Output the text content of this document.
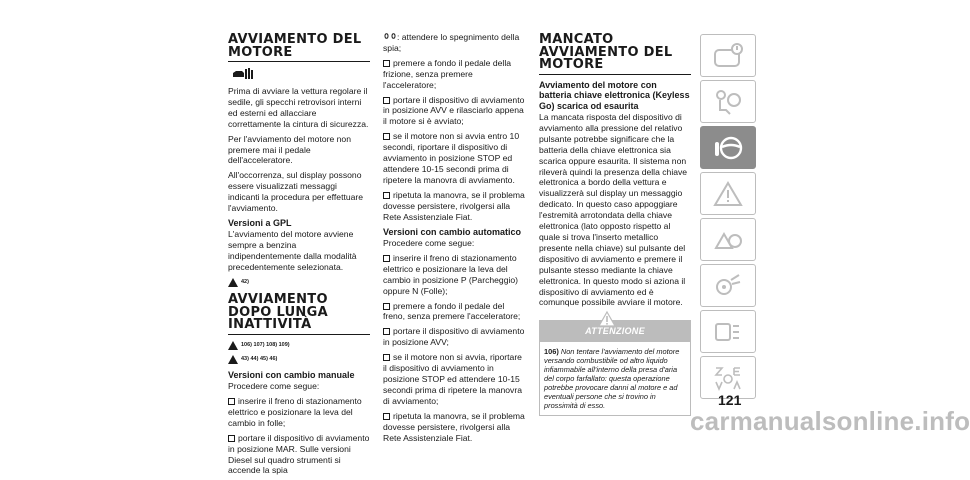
AVVIAMENTO DEL MOTORE

Prima di avviare la vettura regolare il sedile, gli specchi retrovisori interni ed esterni ed allacciare correttamente la cintura di sicurezza.

Per l'avviamento del motore non premere mai il pedale dell'acceleratore.

All'occorrenza, sul display possono essere visualizzati messaggi indicanti la procedura per effettuare l'avviamento.

Versioni a GPL

L'avviamento del motore avviene sempre a benzina indipendentemente dalla modalità precedentemente selezionata.

42)
AVVIAMENTO DOPO LUNGA INATTIVITÀ
106) 107) 108) 109)
43) 44) 45) 46)
Versioni con cambio manuale

Procedere come segue:

inserire il freno di stazionamento elettrico e posizionare la leva del cambio in folle;

portare il dispositivo di avviamento in posizione MAR. Sulle versioni Diesel sul quadro strumenti si accende la spia

: attendere lo spegnimento della spia;

premere a fondo il pedale della frizione, senza premere l'acceleratore;

portare il dispositivo di avviamento in posizione AVV e rilasciarlo appena il motore si è avviato;

se il motore non si avvia entro 10 secondi, riportare il dispositivo di avviamento in posizione STOP ed attendere 10-15 secondi prima di ripetere la manovra di avviamento.

ripetuta la manovra, se il problema dovesse persistere, rivolgersi alla Rete Assistenziale Fiat.

Versioni con cambio automatico

Procedere come segue:

inserire il freno di stazionamento elettrico e posizionare la leva del cambio in posizione P (Parcheggio) oppure N (Folle);

premere a fondo il pedale del freno, senza premere l'acceleratore;

portare il dispositivo di avviamento in posizione AVV;

se il motore non si avvia, riportare il dispositivo di avviamento in posizione STOP ed attendere 10-15 secondi prima di ripetere la manovra di avviamento;

ripetuta la manovra, se il problema dovesse persistere, rivolgersi alla Rete Assistenziale Fiat.

MANCATO AVVIAMENTO DEL MOTORE
Avviamento del motore con batteria chiave elettronica (Keyless Go) scarica od esaurita

La mancata risposta del dispositivo di avviamento alla pressione del relativo pulsante potrebbe significare che la batteria della chiave elettronica sia scarica oppure esaurita. Il sistema non rileverà quindi la presenza della chiave elettronica a bordo della vettura e visualizzerà sul display un messaggio dedicato. In questo caso appoggiare l'estremità arrotondata della chiave elettronica (lato opposto rispetto al quale si trova l'inserto metallico presente nella chiave) sul pulsante del dispositivo di avviamento e premere il pulsante stesso mediante la chiave elettronica. In questo modo si aziona il dispositivo di avviamento ed è comunque possibile avviare il motore.

ATTENZIONE
106) Non tentare l'avviamento del motore versando combustibile od altro liquido infiammabile all'interno della presa d'aria del corpo farfallato: questa operazione potrebbe provocare danni al motore e ad eventuali persone che si trovino in prossimità di esso.	121
carmanualsonline.info
